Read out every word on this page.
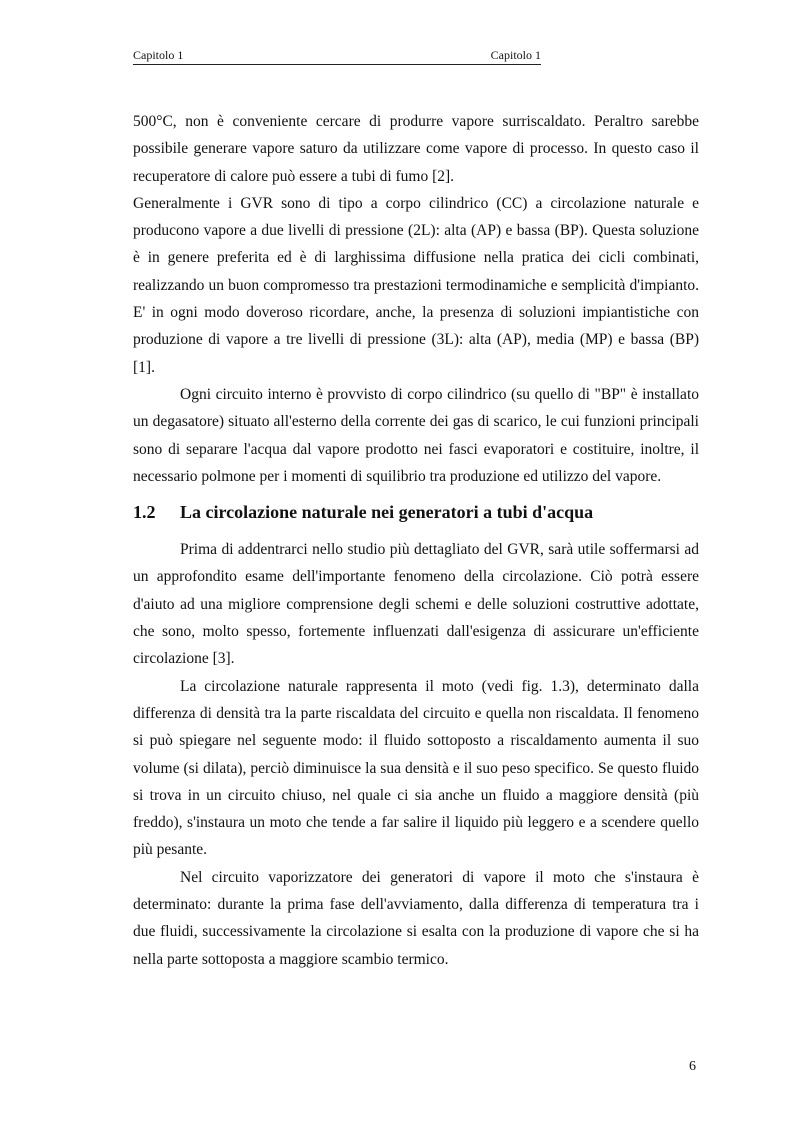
Capitolo 1	Capitolo 1

500°C, non è conveniente cercare di produrre vapore surriscaldato. Peraltro sarebbe possibile generare vapore saturo da utilizzare come vapore di processo. In questo caso il recuperatore di calore può essere a tubi di fumo [2].

Generalmente i GVR sono di tipo a corpo cilindrico (CC) a circolazione naturale e producono vapore a due livelli di pressione (2L): alta (AP) e bassa (BP). Questa soluzione è in genere preferita ed è di larghissima diffusione nella pratica dei cicli combinati, realizzando un buon compromesso tra prestazioni termodinamiche e semplicità d'impianto. E' in ogni modo doveroso ricordare, anche, la presenza di soluzioni impiantistiche con produzione di vapore a tre livelli di pressione (3L): alta (AP), media (MP) e bassa (BP) [1].

Ogni circuito interno è provvisto di corpo cilindrico (su quello di "BP" è installato un degasatore) situato all'esterno della corrente dei gas di scarico, le cui funzioni principali sono di separare l'acqua dal vapore prodotto nei fasci evaporatori e costituire, inoltre, il necessario polmone per i momenti di squilibrio tra produzione ed utilizzo del vapore.

1.2	La circolazione naturale nei generatori a tubi d'acqua

Prima di addentrarci nello studio più dettagliato del GVR, sarà utile soffermarsi ad un approfondito esame dell'importante fenomeno della circolazione. Ciò potrà essere d'aiuto ad una migliore comprensione degli schemi e delle soluzioni costruttive adottate, che sono, molto spesso, fortemente influenzati dall'esigenza di assicurare un'efficiente circolazione [3].

La circolazione naturale rappresenta il moto (vedi fig. 1.3), determinato dalla differenza di densità tra la parte riscaldata del circuito e quella non riscaldata. Il fenomeno si può spiegare nel seguente modo: il fluido sottoposto a riscaldamento aumenta il suo volume (si dilata), perciò diminuisce la sua densità e il suo peso specifico. Se questo fluido si trova in un circuito chiuso, nel quale ci sia anche un fluido a maggiore densità (più freddo), s'instaura un moto che tende a far salire il liquido più leggero e a scendere quello più pesante.

Nel circuito vaporizzatore dei generatori di vapore il moto che s'instaura è determinato: durante la prima fase dell'avviamento, dalla differenza di temperatura tra i due fluidi, successivamente la circolazione si esalta con la produzione di vapore che si ha nella parte sottoposta a maggiore scambio termico.

6
